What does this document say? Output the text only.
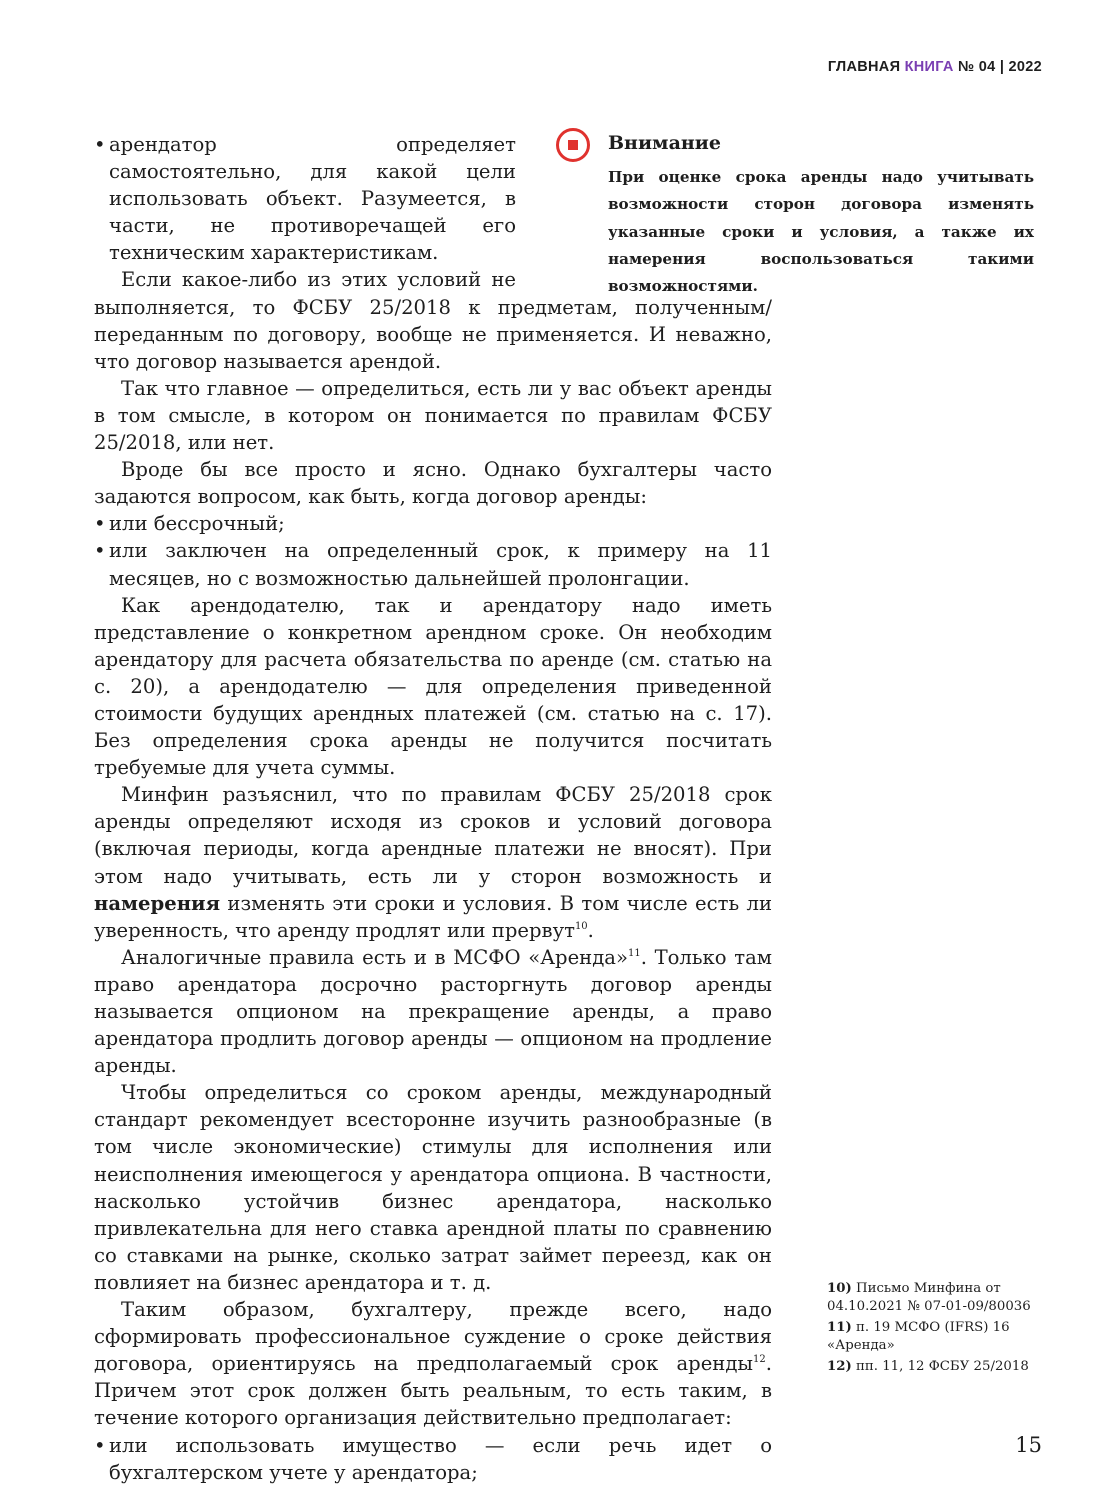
ГЛАВНАЯ КНИГА № 04 | 2022
Внимание
При оценке срока аренды надо учитывать возможности сторон договора изменять указанные сроки и условия, а также их намерения воспользоваться такими возможностями.
• арендатор определяет самостоятельно, для какой цели использовать объект. Разумеется, в части, не противоречащей его техническим характеристикам.

Если какое-либо из этих условий не выполняется, то ФСБУ 25/2018 к предметам, полученным/переданным по договору, вообще не применяется. И неважно, что договор называется арендой.

Так что главное — определиться, есть ли у вас объект аренды в том смысле, в котором он понимается по правилам ФСБУ 25/2018, или нет.

Вроде бы все просто и ясно. Однако бухгалтеры часто задаются вопросом, как быть, когда договор аренды:

• или бессрочный;
• или заключен на определенный срок, к примеру на 11 месяцев, но с возможностью дальнейшей пролонгации.

Как арендодателю, так и арендатору надо иметь представление о конкретном арендном сроке. Он необходим арендатору для расчета обязательства по аренде (см. статью на с. 20), а арендодателю — для определения приведенной стоимости будущих арендных платежей (см. статью на с. 17). Без определения срока аренды не получится посчитать требуемые для учета суммы.

Минфин разъяснил, что по правилам ФСБУ 25/2018 срок аренды определяют исходя из сроков и условий договора (включая периоды, когда арендные платежи не вносят). При этом надо учитывать, есть ли у сторон возможность и намерения изменять эти сроки и условия. В том числе есть ли уверенность, что аренду продлят или прервут$^{10}$.

Аналогичные правила есть и в МСФО «Аренда»$^{11}$. Только там право арендатора досрочно расторгнуть договор аренды называется опционом на прекращение аренды, а право арендатора продлить договор аренды — опционом на продление аренды.

Чтобы определиться со сроком аренды, международный стандарт рекомендует всесторонне изучить разнообразные (в том числе экономические) стимулы для исполнения или неисполнения имеющегося у арендатора опциона. В частности, насколько устойчив бизнес арендатора, насколько привлекательна для него ставка арендной платы по сравнению со ставками на рынке, сколько затрат займет переезд, как он повлияет на бизнес арендатора и т. д.

Таким образом, бухгалтеру, прежде всего, надо сформировать профессиональное суждение о сроке действия договора, ориентируясь на предполагаемый срок аренды$^{12}$. Причем этот срок должен быть реальным, то есть таким, в течение которого организация действительно предполагает:

• или использовать имущество — если речь идет о бухгалтерском учете у арендатора;
10) Письмо Минфина от 04.10.2021 № 07-01-09/80036
11) п. 19 МСФО (IFRS) 16 «Аренда»
12) пп. 11, 12 ФСБУ 25/2018
15
